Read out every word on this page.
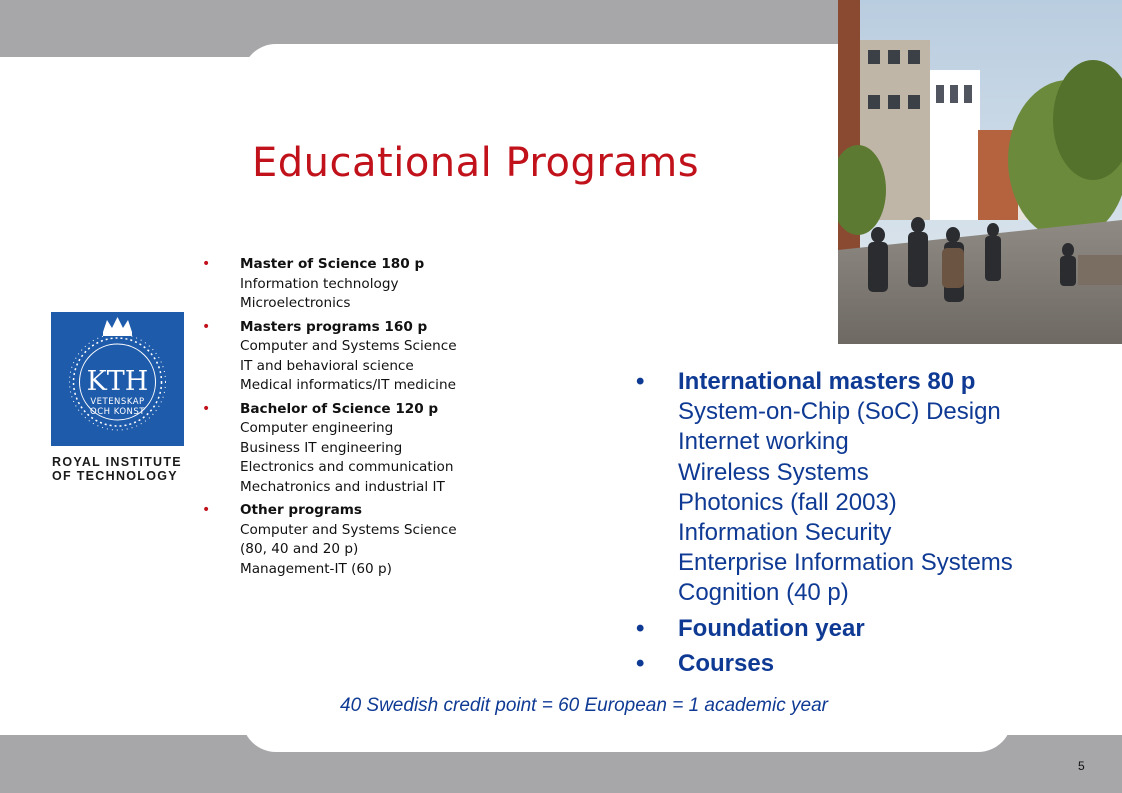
Educational Programs
KTH
VETENSKAP
OCH KONST
ROYAL INSTITUTE
OF TECHNOLOGY
• Master of Science 180 p
Information technology
Microelectronics
• Masters programs 160 p
Computer and Systems Science
IT and behavioral science
Medical informatics/IT medicine
• Bachelor of Science 120 p
Computer engineering
Business IT engineering
Electronics and communication
Mechatronics and industrial IT
• Other programs
Computer and Systems Science
(80, 40 and 20 p)
Management-IT (60 p)
• International masters 80 p
System-on-Chip (SoC) Design
Internet working
Wireless Systems
Photonics (fall 2003)
Information Security
Enterprise Information Systems
Cognition (40 p)
• Foundation year
• Courses

40 Swedish credit point = 60 European = 1 academic year

5
